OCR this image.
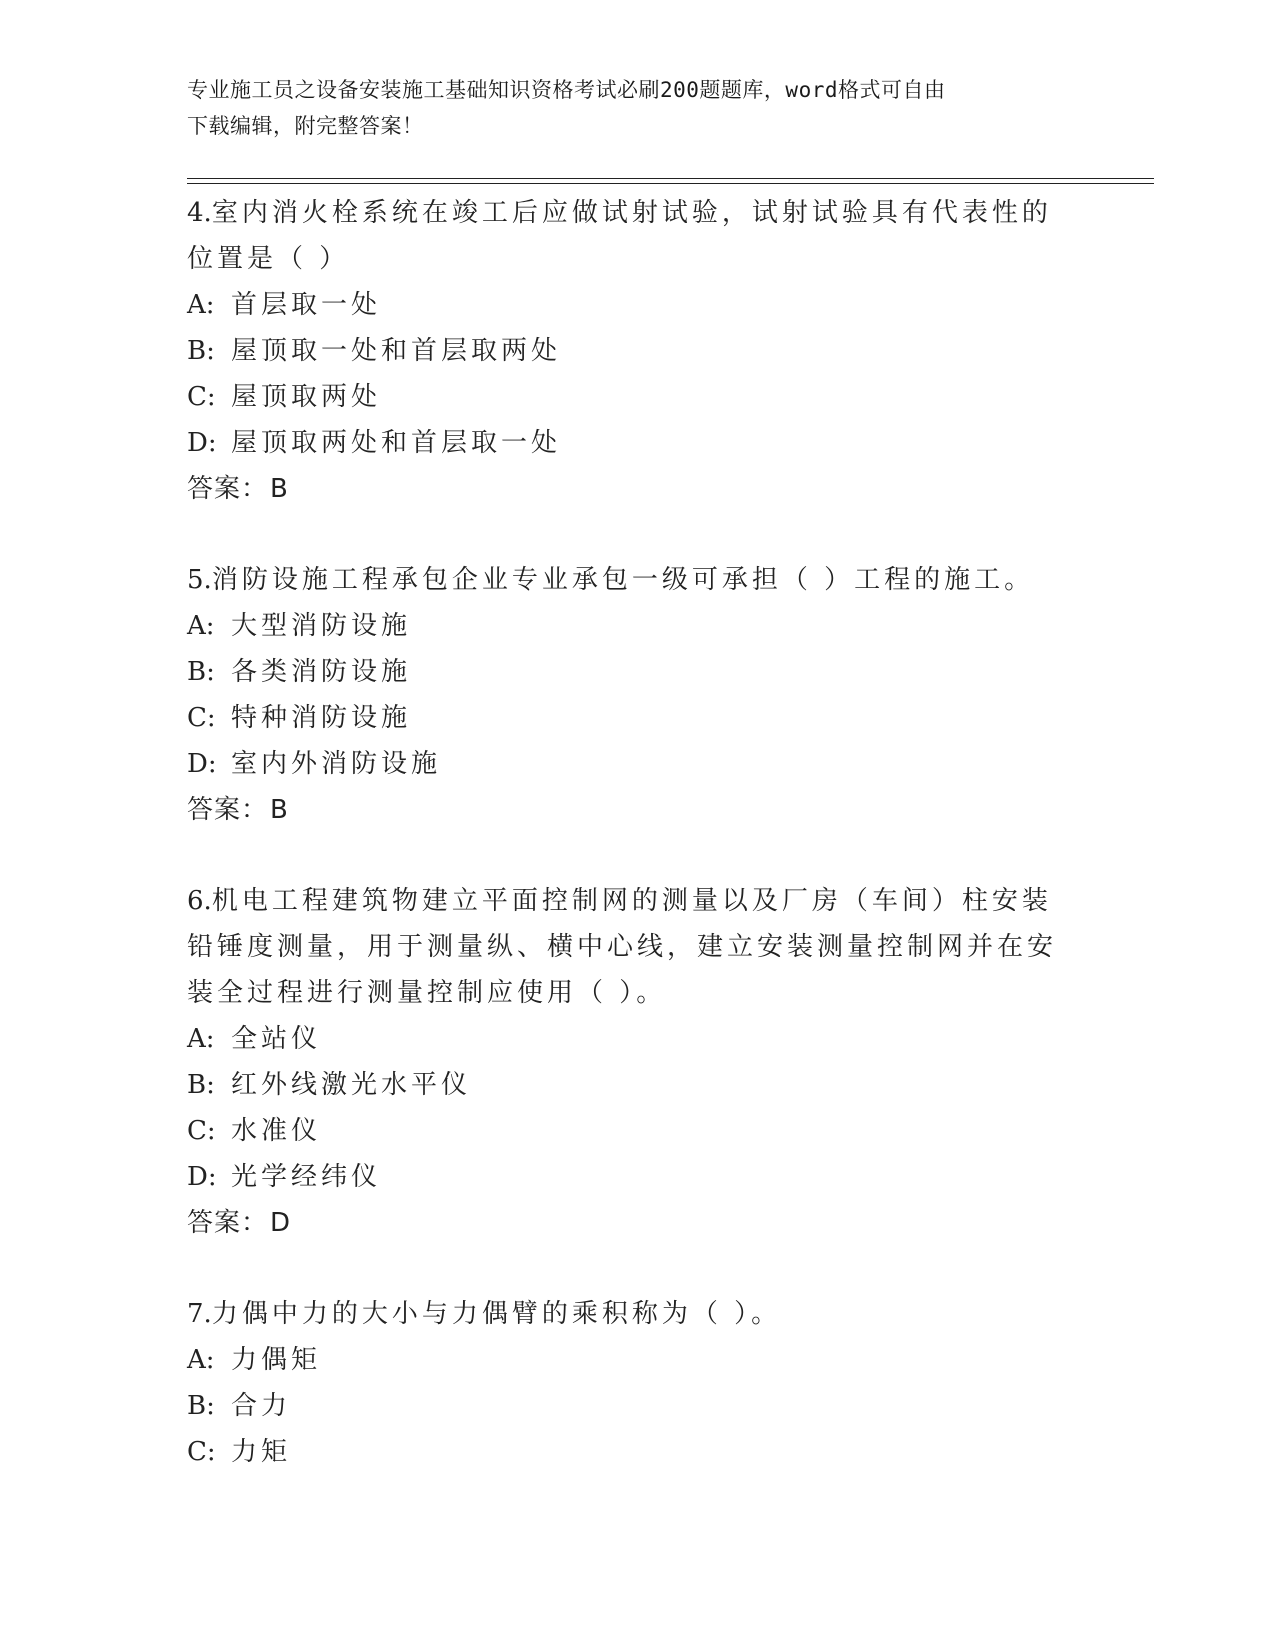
专业施工员之设备安装施工基础知识资格考试必刷200题题库，word格式可自由
下载编辑，附完整答案！
4.室内消火栓系统在竣工后应做试射试验，试射试验具有代表性的位置是（ ）
A: 首层取一处
B: 屋顶取一处和首层取两处
C: 屋顶取两处
D: 屋顶取两处和首层取一处
答案：B
5.消防设施工程承包企业专业承包一级可承担（ ）工程的施工。
A: 大型消防设施
B: 各类消防设施
C: 特种消防设施
D: 室内外消防设施
答案：B
6.机电工程建筑物建立平面控制网的测量以及厂房（车间）柱安装铅锤度测量，用于测量纵、横中心线，建立安装测量控制网并在安装全过程进行测量控制应使用（ ）。
A: 全站仪
B: 红外线激光水平仪
C: 水准仪
D: 光学经纬仪
答案：D
7.力偶中力的大小与力偶臂的乘积称为（ ）。
A: 力偶矩
B: 合力
C: 力矩
